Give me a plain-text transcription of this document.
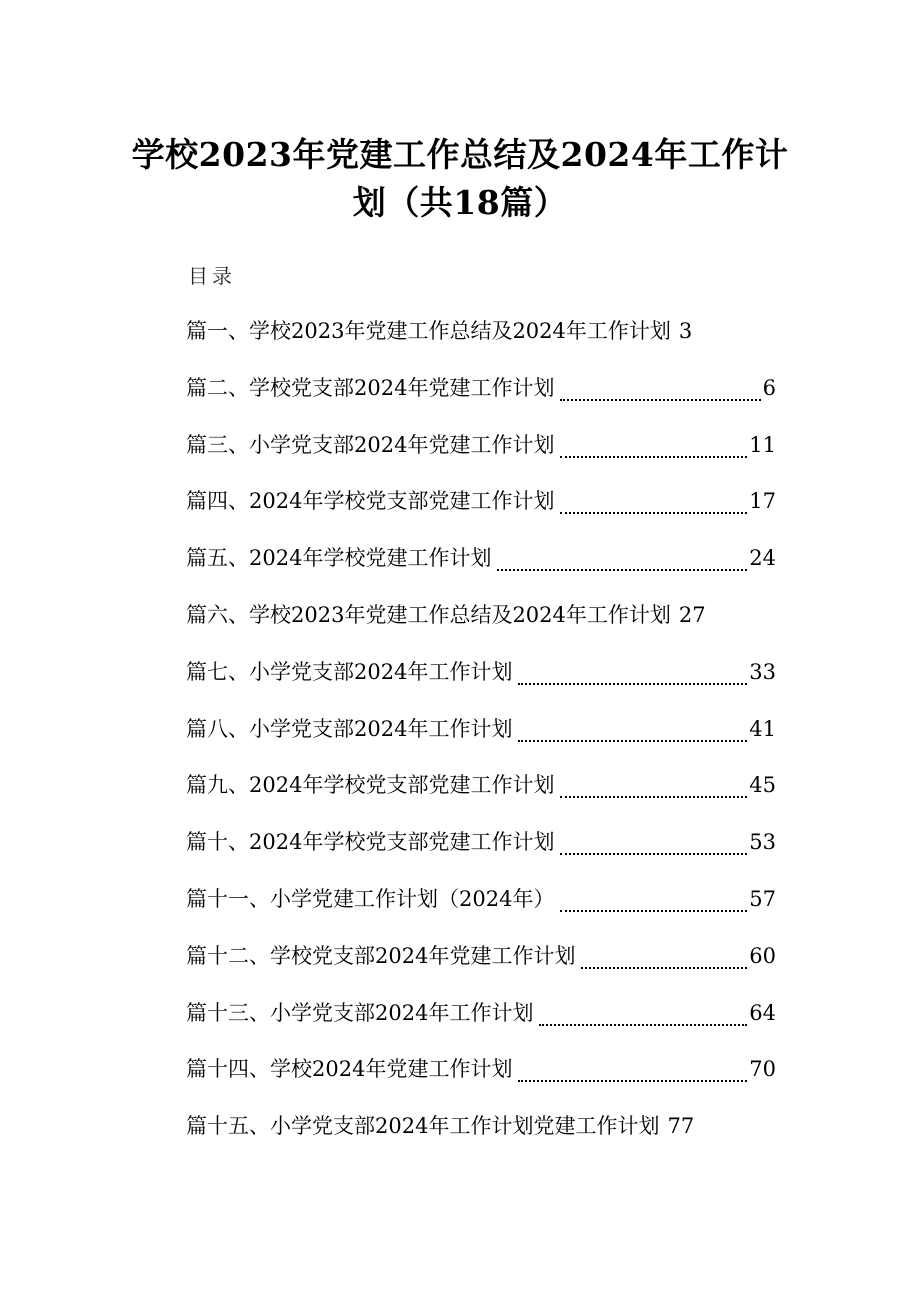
学校2023年党建工作总结及2024年工作计
划（共18篇）
目录
篇一、学校2023年党建工作总结及2024年工作计划 3
篇二、学校党支部2024年党建工作计划	6
篇三、小学党支部2024年党建工作计划	11
篇四、2024年学校党支部党建工作计划	17
篇五、2024年学校党建工作计划	24
篇六、学校2023年党建工作总结及2024年工作计划 27
篇七、小学党支部2024年工作计划	33
篇八、小学党支部2024年工作计划	41
篇九、2024年学校党支部党建工作计划	45
篇十、2024年学校党支部党建工作计划	53
篇十一、小学党建工作计划（2024年）	57
篇十二、学校党支部2024年党建工作计划	60
篇十三、小学党支部2024年工作计划	64
篇十四、学校2024年党建工作计划	70
篇十五、小学党支部2024年工作计划党建工作计划 77
